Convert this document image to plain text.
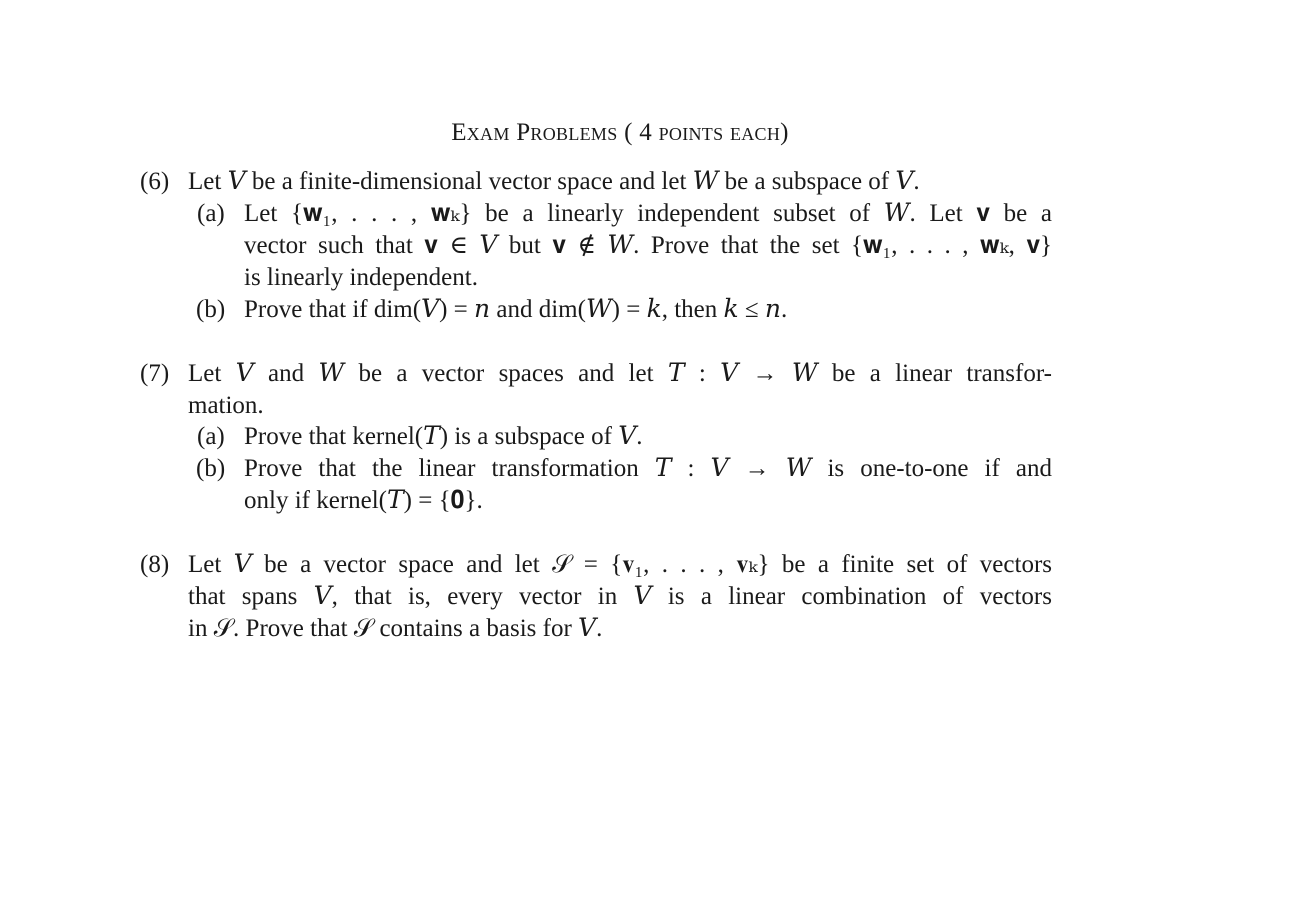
Exam Problems ( 4 points each)
(6) Let 𝑉 be a finite-dimensional vector space and let 𝑊 be a subspace of 𝑉.
(a) Let {𝐰₁, . . . , 𝐰ₖ} be a linearly independent subset of 𝑊. Let 𝐯 be a
vector such that 𝐯 ∈ 𝑉 but 𝐯 ∉ 𝑊. Prove that the set {𝐰₁, . . . , 𝐰ₖ, 𝐯}
is linearly independent.
(b) Prove that if dim(𝑉) = 𝑛 and dim(𝑊) = 𝑘, then 𝑘 ≤ 𝑛.
(7) Let 𝑉 and 𝑊 be a vector spaces and let 𝑇 : 𝑉 → 𝑊 be a linear transfor-
mation.
(a) Prove that kernel(𝑇) is a subspace of 𝑉.
(b) Prove that the linear transformation 𝑇 : 𝑉 → 𝑊 is one-to-one if and
only if kernel(𝑇) = {𝟎}.
(8) Let 𝑉 be a vector space and let 𝒮 = {𝐯₁, . . . , 𝐯ₖ} be a finite set of vectors
that spans 𝑉, that is, every vector in 𝑉 is a linear combination of vectors
in 𝒮. Prove that 𝒮 contains a basis for 𝑉.
